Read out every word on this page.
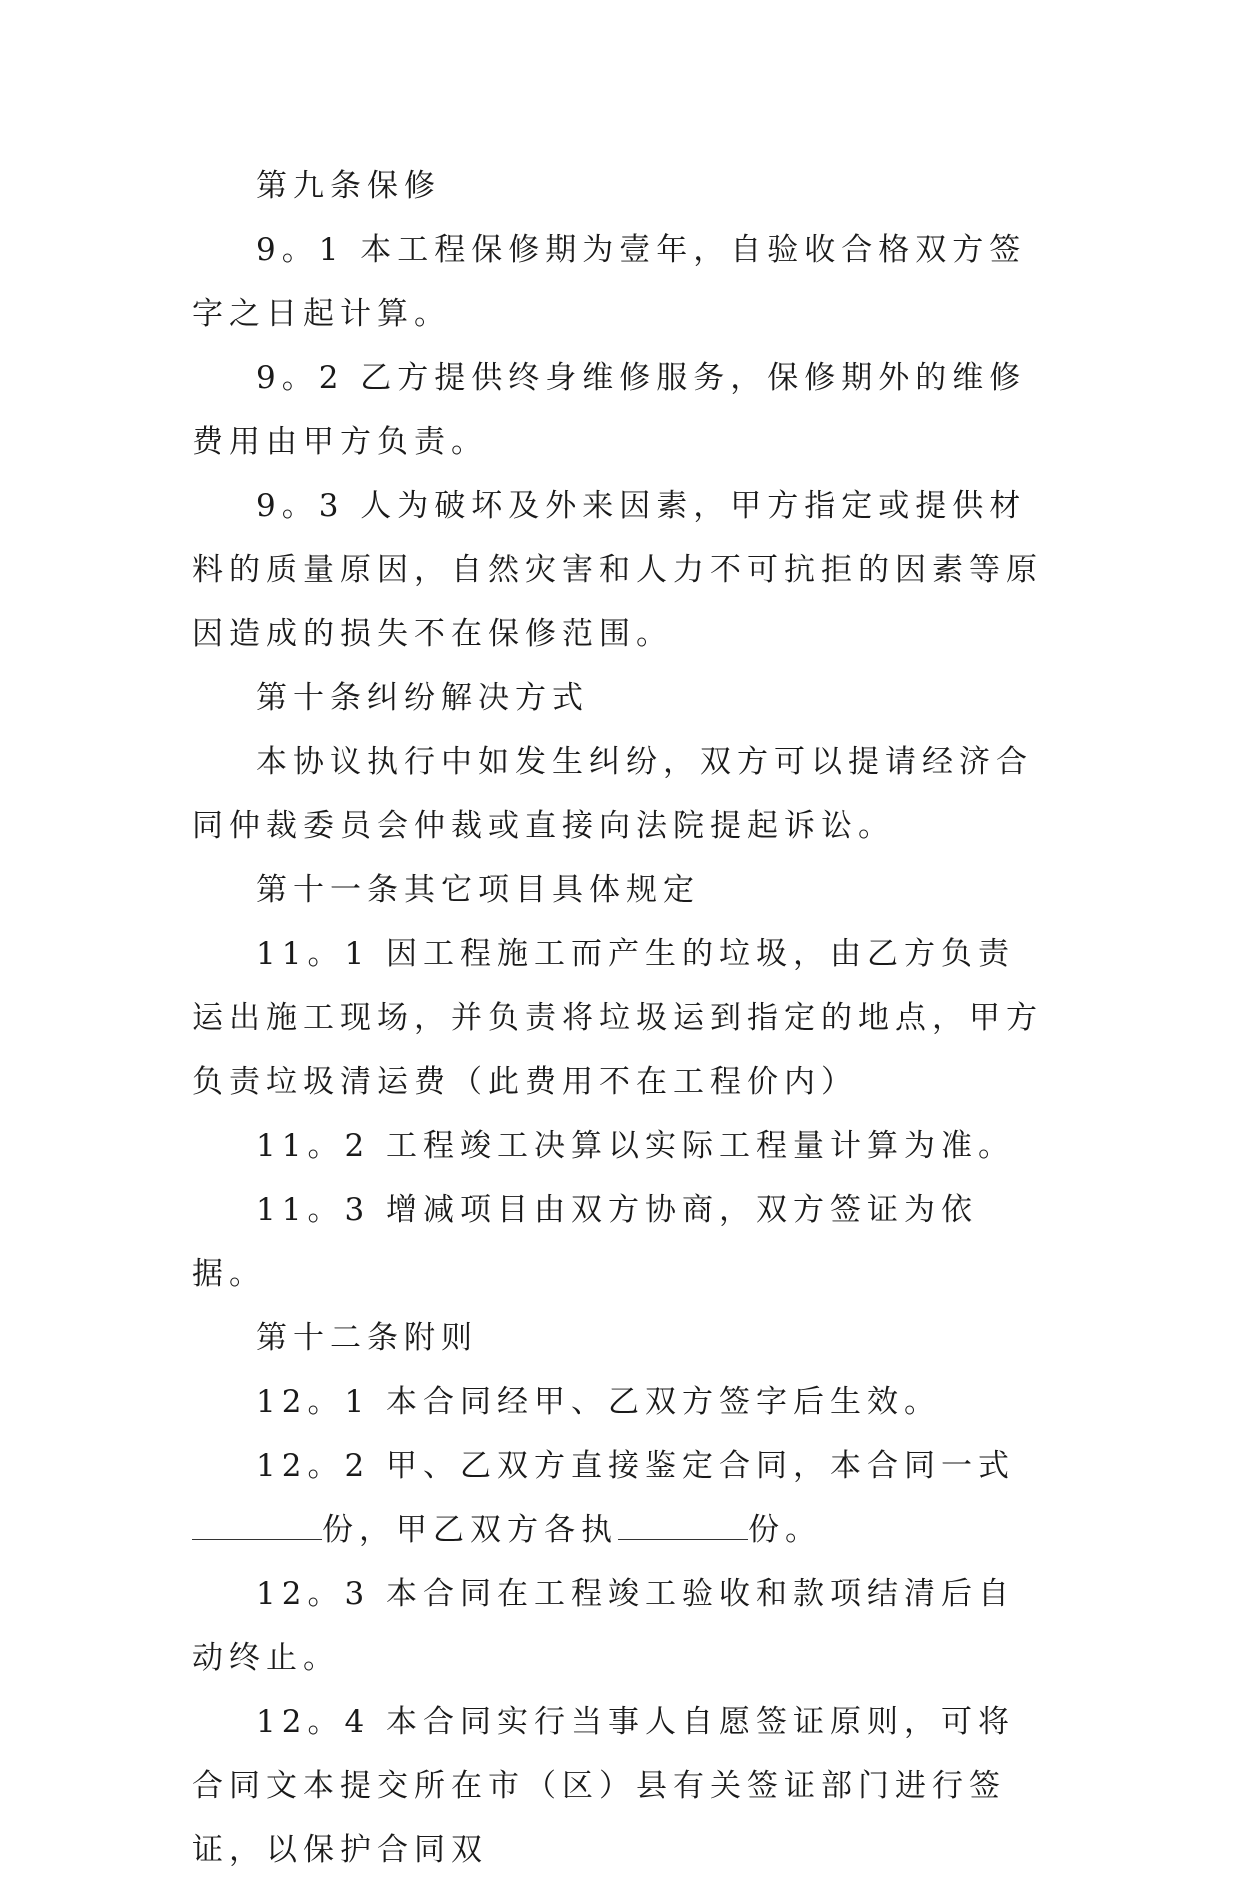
第九条保修

9。1 本工程保修期为壹年，自验收合格双方签字之日起计算。

9。2 乙方提供终身维修服务，保修期外的维修费用由甲方负责。

9。3 人为破坏及外来因素，甲方指定或提供材料的质量原因，自然灾害和人力不可抗拒的因素等原因造成的损失不在保修范围。

第十条纠纷解决方式

本协议执行中如发生纠纷，双方可以提请经济合同仲裁委员会仲裁或直接向法院提起诉讼。

第十一条其它项目具体规定

11。1 因工程施工而产生的垃圾，由乙方负责运出施工现场，并负责将垃圾运到指定的地点，甲方负责垃圾清运费（此费用不在工程价内）

11。2 工程竣工决算以实际工程量计算为准。

11。3 增减项目由双方协商，双方签证为依据。

第十二条附则

12。1 本合同经甲、乙双方签字后生效。

12。2 甲、乙双方直接鉴定合同，本合同一式份，甲乙双方各执	份。

12。3 本合同在工程竣工验收和款项结清后自动终止。

12。4 本合同实行当事人自愿签证原则，可将合同文本提交所在市（区）县有关签证部门进行签证，以保护合同双
